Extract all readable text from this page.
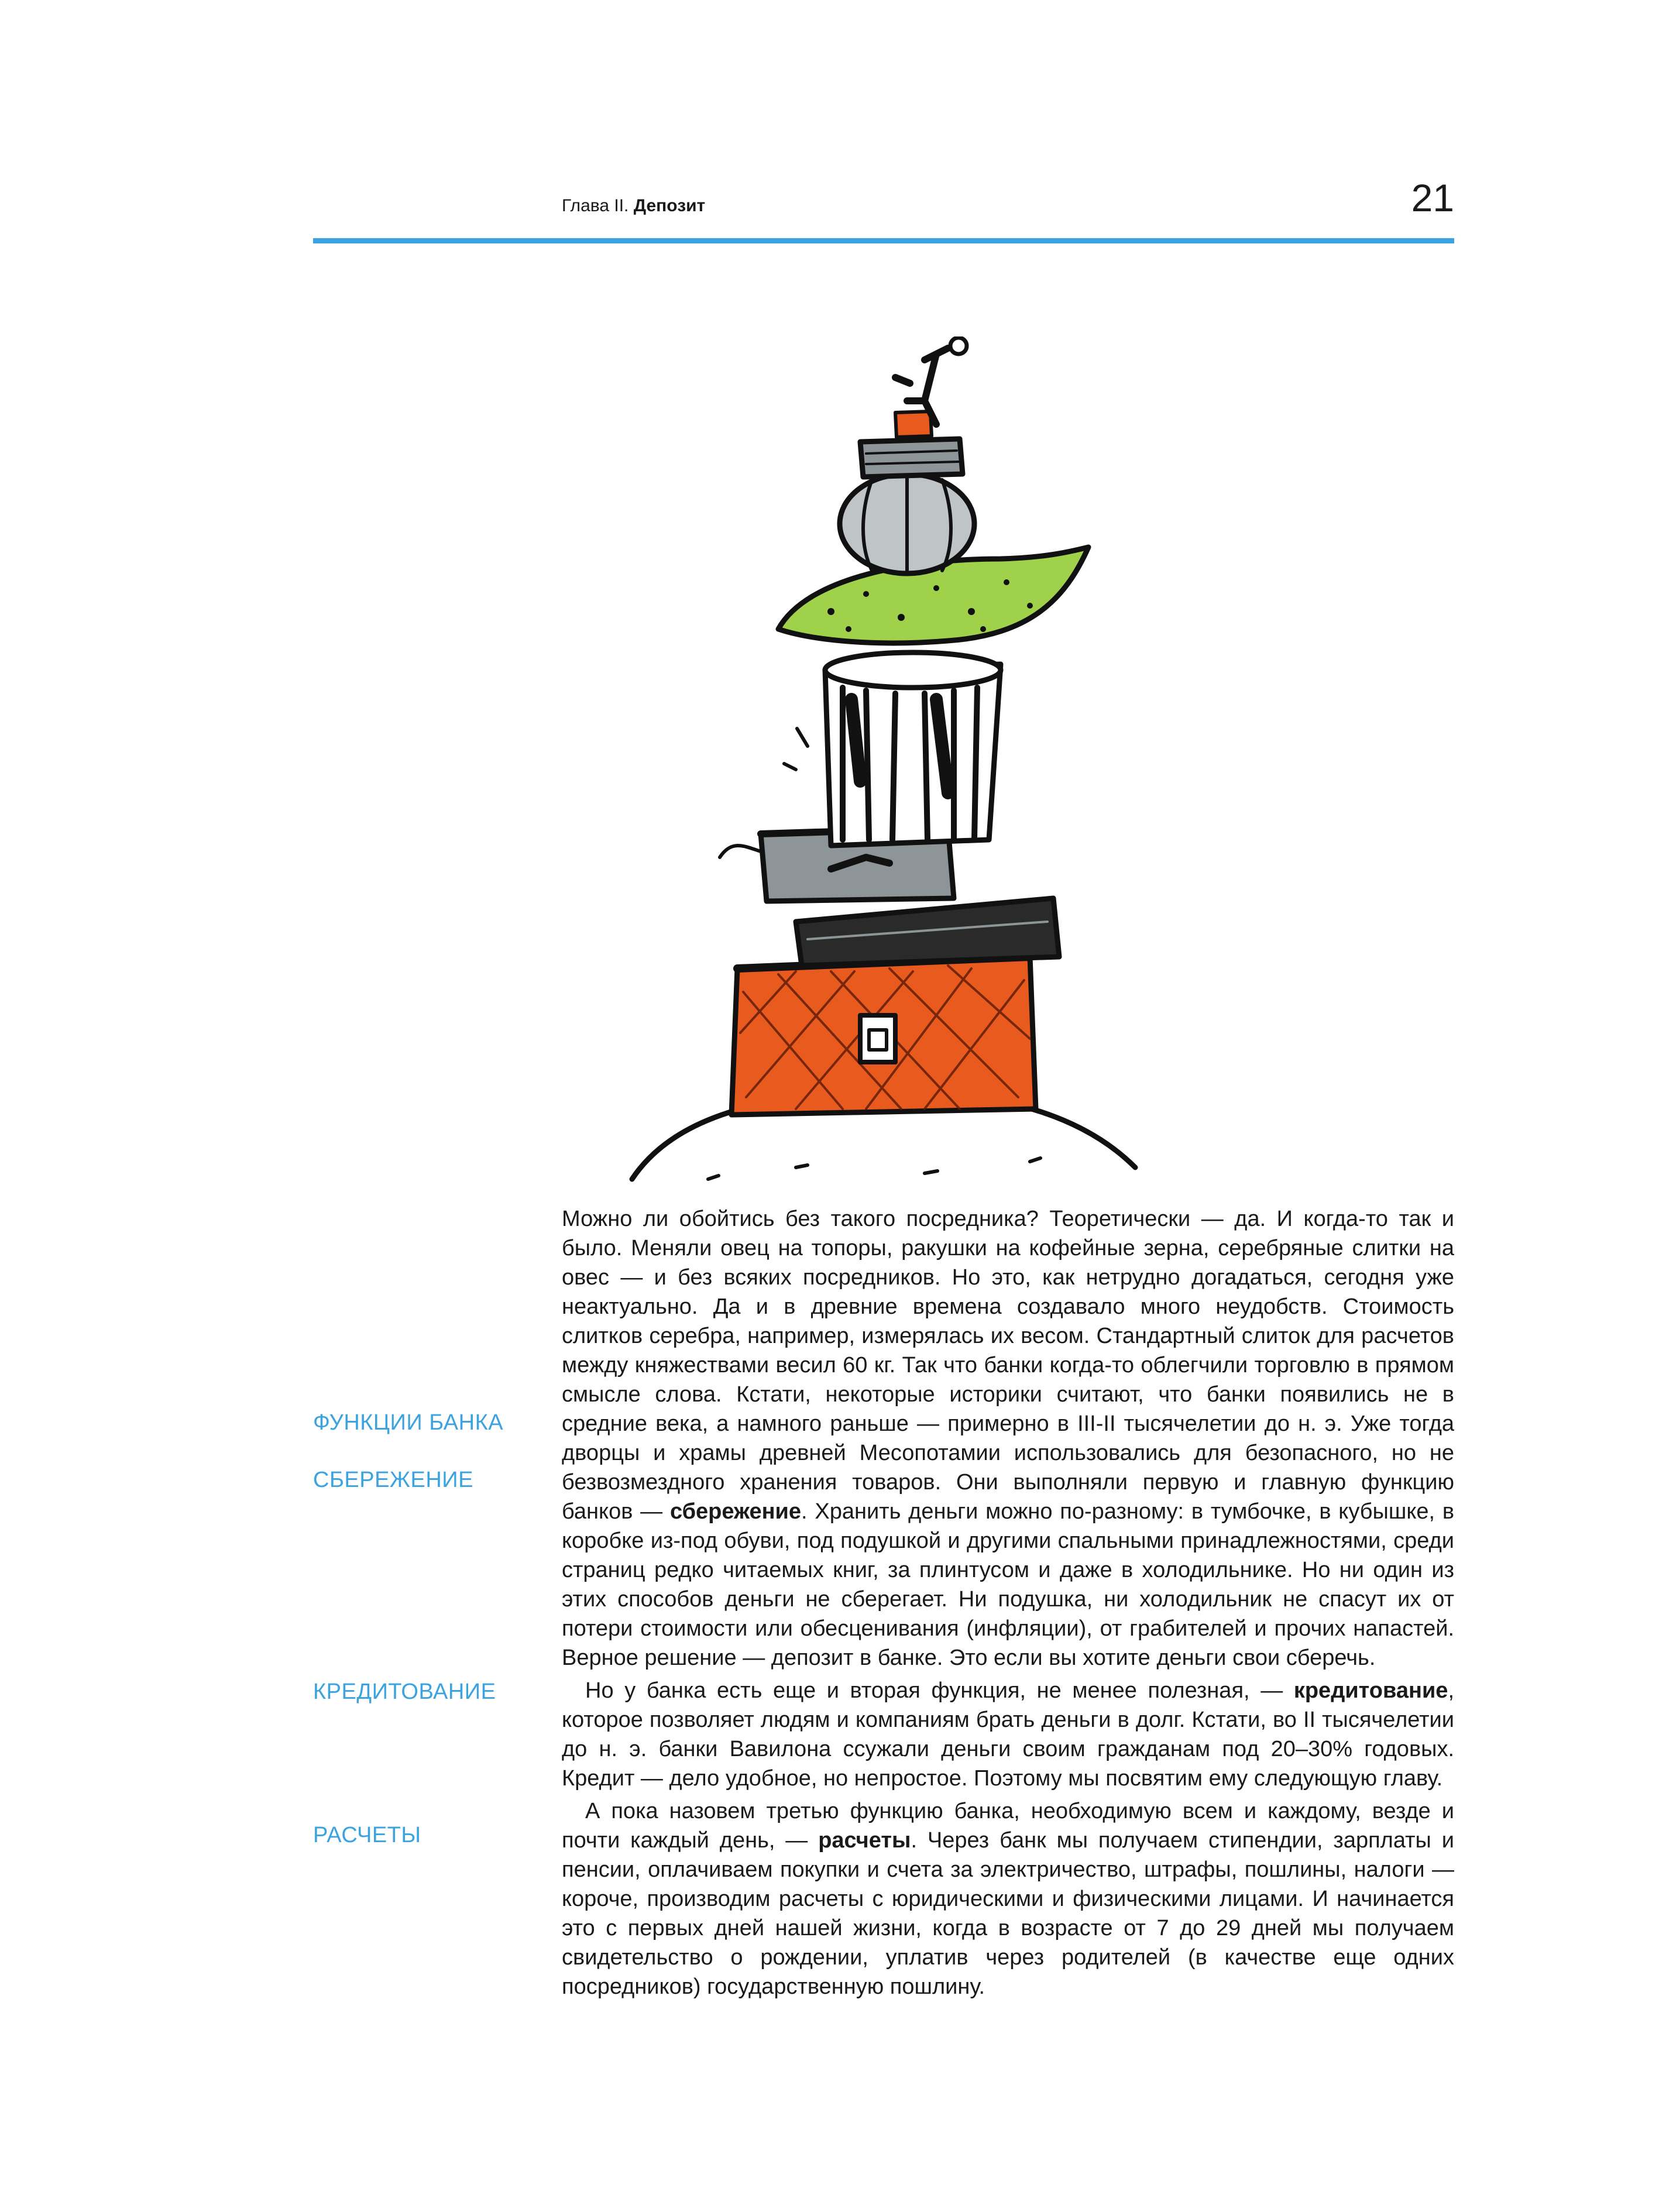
Глава II. Депозит	21
ФУНКЦИИ БАНКА
СБЕРЕЖЕНИЕ
КРЕДИТОВАНИЕ
РАСЧЕТЫ

Можно ли обойтись без такого посредника? Теоретически — да. И когда-то так и было. Меняли овец на топоры, ракушки на кофейные зерна, серебряные слитки на овес — и без всяких посредников. Но это, как нетрудно догадаться, сегодня уже неактуально. Да и в древние времена создавало много неудобств. Стоимость слитков серебра, например, измерялась их весом. Стандартный слиток для расчетов между княжествами весил 60 кг. Так что банки когда-то облегчили торговлю в прямом смысле слова. Кстати, некоторые историки считают, что банки появились не в средние века, а намного раньше — примерно в III-II тысячелетии до н. э. Уже тогда дворцы и храмы древней Месопотамии использовались для безопасного, но не безвозмездного хранения товаров. Они выполняли первую и главную функцию банков — сбережение. Хранить деньги можно по-разному: в тумбочке, в кубышке, в коробке из-под обуви, под подушкой и другими спальными принадлежностями, среди страниц редко читаемых книг, за плинтусом и даже в холодильнике. Но ни один из этих способов деньги не сберегает. Ни подушка, ни холодильник не спасут их от потери стоимости или обесценивания (инфляции), от грабителей и прочих напастей. Верное решение — депозит в банке. Это если вы хотите деньги свои сберечь.

Но у банка есть еще и вторая функция, не менее полезная, — кредитование, которое позволяет людям и компаниям брать деньги в долг. Кстати, во II тысячелетии до н. э. банки Вавилона ссужали деньги своим гражданам под 20–30% годовых. Кредит — дело удобное, но непростое. Поэтому мы посвятим ему следующую главу.

А пока назовем третью функцию банка, необходимую всем и каждому, везде и почти каждый день, — расчеты. Через банк мы получаем стипендии, зарплаты и пенсии, оплачиваем покупки и счета за электричество, штрафы, пошлины, налоги — короче, производим расчеты с юридическими и физическими лицами. И начинается это с первых дней нашей жизни, когда в возрасте от 7 до 29 дней мы получаем свидетельство о рождении, уплатив через родителей (в качестве еще одних посредников) государственную пошлину.
